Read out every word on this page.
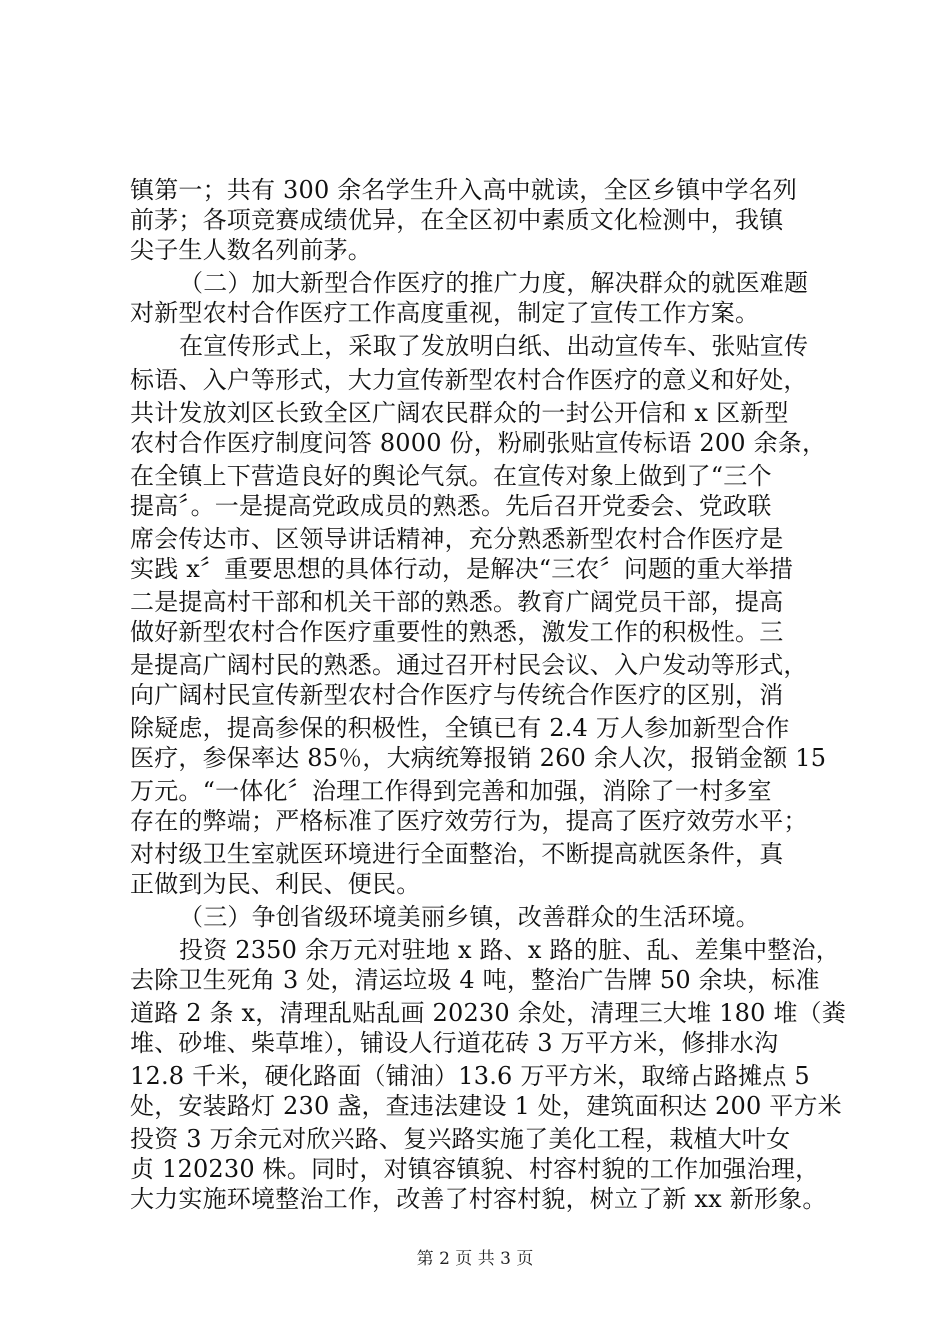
镇第一；共有 300 余名学生升入高中就读，全区乡镇中学名列
前茅；各项竞赛成绩优异，在全区初中素质文化检测中，我镇
尖子生人数名列前茅。
（二）加大新型合作医疗的推广力度，解决群众的就医难题
对新型农村合作医疗工作高度重视，制定了宣传工作方案。
在宣传形式上，采取了发放明白纸、出动宣传车、张贴宣传
标语、入户等形式，大力宣传新型农村合作医疗的意义和好处，
共计发放刘区长致全区广阔农民群众的一封公开信和 x 区新型
农村合作医疗制度问答 8000 份，粉刷张贴宣传标语 200 余条，
在全镇上下营造良好的舆论气氛。在宣传对象上做到了“三个
提高〞。一是提高党政成员的熟悉。先后召开党委会、党政联
席会传达市、区领导讲话精神，充分熟悉新型农村合作医疗是
实践 x〞重要思想的具体行动，是解决“三农〞问题的重大举措
二是提高村干部和机关干部的熟悉。教育广阔党员干部，提高
做好新型农村合作医疗重要性的熟悉，激发工作的积极性。三
是提高广阔村民的熟悉。通过召开村民会议、入户发动等形式，
向广阔村民宣传新型农村合作医疗与传统合作医疗的区别，消
除疑虑，提高参保的积极性，全镇已有 2.4 万人参加新型合作
医疗，参保率达 85％，大病统筹报销 260 余人次，报销金额 15
万元。“一体化〞治理工作得到完善和加强，消除了一村多室
存在的弊端；严格标准了医疗效劳行为，提高了医疗效劳水平；
对村级卫生室就医环境进行全面整治，不断提高就医条件，真
正做到为民、利民、便民。
（三）争创省级环境美丽乡镇，改善群众的生活环境。
投资 2350 余万元对驻地 x 路、x 路的脏、乱、差集中整治，
去除卫生死角 3 处，清运垃圾 4 吨，整治广告牌 50 余块，标准
道路 2 条 x，清理乱贴乱画 20230 余处，清理三大堆 180 堆（粪
堆、砂堆、柴草堆），铺设人行道花砖 3 万平方米，修排水沟
12.8 千米，硬化路面（铺油）13.6 万平方米，取缔占路摊点 5
处，安装路灯 230 盏，查违法建设 1 处，建筑面积达 200 平方米
投资 3 万余元对欣兴路、复兴路实施了美化工程，栽植大叶女
贞 120230 株。同时，对镇容镇貌、村容村貌的工作加强治理，
大力实施环境整治工作，改善了村容村貌，树立了新 xx 新形象。
第 2 页 共 3 页
